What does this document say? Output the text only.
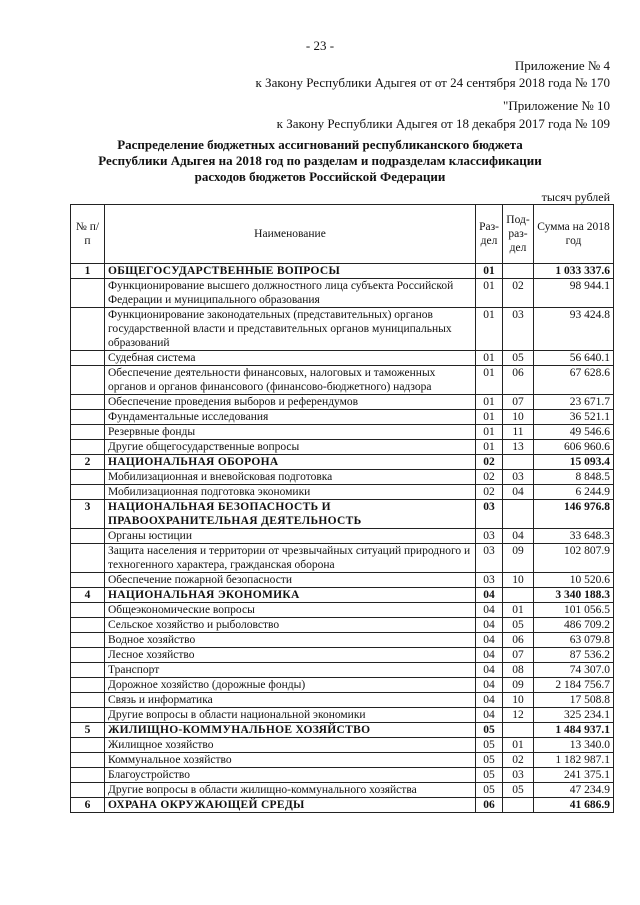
- 23 -
Приложение № 4
к Закону Республики Адыгея от от 24 сентября 2018 года № 170
"Приложение № 10
к Закону Республики Адыгея от 18 декабря 2017 года № 109
Распределение бюджетных ассигнований республиканского бюджета
Республики Адыгея на 2018 год по разделам и подразделам классификации
расходов бюджетов Российской Федерации
тысяч рублей
№ п/п	Наименование	Раз-дел	Под-раз-дел	Сумма на 2018 год
1	ОБЩЕГОСУДАРСТВЕННЫЕ ВОПРОСЫ	01		1 033 337.6
	Функционирование высшего должностного лица субъекта Российской Федерации и муниципального образования	01	02	98 944.1
	Функционирование законодательных (представительных) органов государственной власти и представительных органов муниципальных образований	01	03	93 424.8
	Судебная система	01	05	56 640.1
	Обеспечение деятельности финансовых, налоговых и таможенных органов и органов финансового (финансово-бюджетного) надзора	01	06	67 628.6
	Обеспечение проведения выборов и референдумов	01	07	23 671.7
	Фундаментальные исследования	01	10	36 521.1
	Резервные фонды	01	11	49 546.6
	Другие общегосударственные вопросы	01	13	606 960.6
2	НАЦИОНАЛЬНАЯ ОБОРОНА	02		15 093.4
	Мобилизационная и вневойсковая подготовка	02	03	8 848.5
	Мобилизационная подготовка экономики	02	04	6 244.9
3	НАЦИОНАЛЬНАЯ БЕЗОПАСНОСТЬ И ПРАВООХРАНИТЕЛЬНАЯ ДЕЯТЕЛЬНОСТЬ	03		146 976.8
	Органы юстиции	03	04	33 648.3
	Защита населения и территории от чрезвычайных ситуаций природного и техногенного характера, гражданская оборона	03	09	102 807.9
	Обеспечение пожарной безопасности	03	10	10 520.6
4	НАЦИОНАЛЬНАЯ ЭКОНОМИКА	04		3 340 188.3
	Общеэкономические вопросы	04	01	101 056.5
	Сельское хозяйство и рыболовство	04	05	486 709.2
	Водное хозяйство	04	06	63 079.8
	Лесное хозяйство	04	07	87 536.2
	Транспорт	04	08	74 307.0
	Дорожное хозяйство (дорожные фонды)	04	09	2 184 756.7
	Связь и информатика	04	10	17 508.8
	Другие вопросы в области национальной экономики	04	12	325 234.1
5	ЖИЛИЩНО-КОММУНАЛЬНОЕ ХОЗЯЙСТВО	05		1 484 937.1
	Жилищное хозяйство	05	01	13 340.0
	Коммунальное хозяйство	05	02	1 182 987.1
	Благоустройство	05	03	241 375.1
	Другие вопросы в области жилищно-коммунального хозяйства	05	05	47 234.9
6	ОХРАНА ОКРУЖАЮЩЕЙ СРЕДЫ	06		41 686.9
